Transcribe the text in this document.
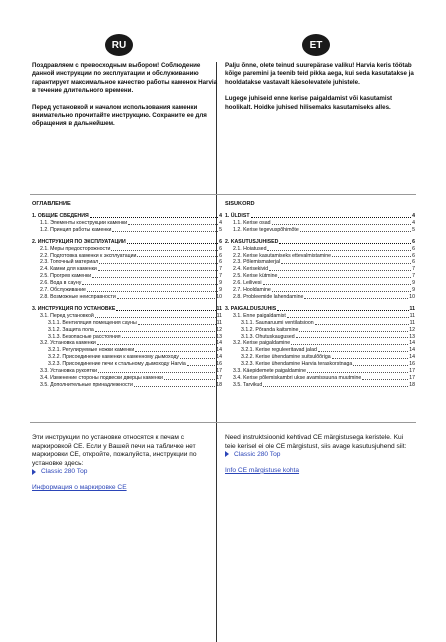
RU	ET

Поздравляем с превосходным выбором! Соблюдение данной инструкции по эксплуатации и обслуживанию гарантирует максимальное качество работы каменок Harvia в течение длительного времени.

Перед установкой и началом использования каменки внимательно прочитайте инструкцию. Сохраните ее для обращения в дальнейшем.

Palju õnne, olete teinud suurepärase valiku! Harvia keris töötab kõige paremini ja teenib teid pikka aega, kui seda kasutatakse ja hooldatakse vastavalt käesolevatele juhistele.

Lugege juhiseid enne kerise paigaldamist või kasutamist hoolikalt. Hoidke juhised hilisemaks kasutamiseks alles.

ОГЛАВЛЕНИЕ
1. ОБЩИЕ СВЕДЕНИЯ	4
1.1. Элементы конструкции каменки	4
1.2. Принцип работы каменки	5
2. ИНСТРУКЦИЯ ПО ЭКСПЛУАТАЦИИ	6
2.1. Меры предосторожности	6
2.2. Подготовка каменки к эксплуатации	6
2.3. Топочный материал	6
2.4. Камни для каменки	7
2.5. Прогрев каменки	7
2.6. Вода в сауну	9
2.7. Обслуживание	9
2.8. Возможные неисправности	10
3. ИНСТРУКЦИЯ ПО УСТАНОВКЕ	11
3.1. Перед установкой	11
3.1.1. Вентиляция помещения сауны	11
3.1.2. Защита пола	12
3.1.3. Безопасные расстояния	13
3.2. Установка каменки	14
3.2.1. Регулируемые ножки каменки	14
3.2.2. Присоединение каменки к каменному дымоходу	14
3.2.3. Присоединение печи к стальному дымоходу Harvia	16
3.3. Установка рукоятки	17
3.4. Изменение стороны подвески дверцы каменки	17
3.5. Дополнительные принадлежности	18
SISUKORD
1. ÜLDIST	4
1.1. Kerise osad	4
1.2. Kerise tegevuspõhimõte	5
2. KASUTUSJUHISED	6
2.1. Hoiatused	6
2.2. Kerise kasutamiseks ettevalmistamine	6
2.3. Põlemismaterjal	6
2.4. Kerisekivid	7
2.5. Kerise kütmine	7
2.6. Leilivesi	9
2.7. Hooldamine	9
2.8. Probleemide lahendamine	10
3. PAIGALDUSJUHIS	11
3.1. Enne paigaldamist	11
3.1.1. Saunaruumi ventilatsioon	11
3.1.2. Põranda kaitsmine	12
3.1.3. Ohutuskaugused	13
3.2. Kerise paigaldamine	14
3.2.1. Kerise reguleeritavad jalad	14
3.2.2. Kerise ühendamine suitsulõõriga	14
3.2.3. Kerise ühendamine Harvia teraskorstnaga	16
3.3. Käepidemete paigaldamine	17
3.4. Kerise põlemiskambri ukse avamissuuna muutmine	17
3.5. Tarvikud	18

Эти инструкции по установке относятся к печам с маркировкой CE. Если у Вашей печи на табличке нет маркировки CE, откройте, пожалуйста, инструкции по установке здесь:

Classic 280 Top
Информация о маркировке CE

Need instruktsioonid kehtivad CE märgistusega keristele. Kui teie kerisel ei ole CE märgistust, siis avage kasutusjuhend siit:

Classic 280 Top
Info CE märgistuse kohta
